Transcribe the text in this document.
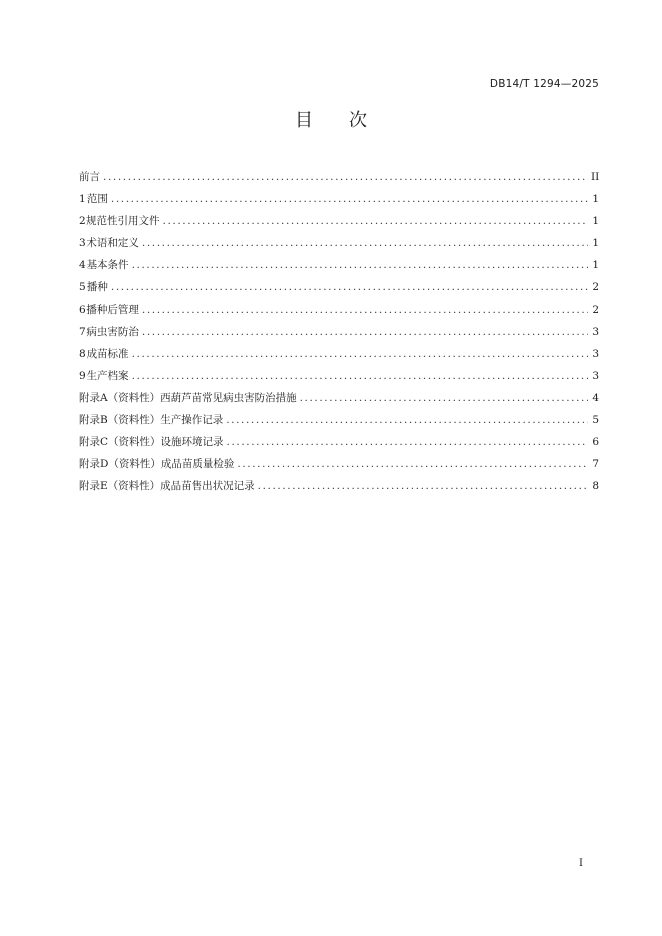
DB14/T 1294—2025
目　　次
前言 .....	II
1 范围 .....	1
2 规范性引用文件 .....	1
3 术语和定义 .....	1
4 基本条件 .....	1
5 播种 .....	2
6 播种后管理 .....	2
7 病虫害防治 .....	3
8 成苗标准 .....	3
9 生产档案 .....	3
附录A（资料性） 西葫芦苗常见病虫害防治措施 .....	4
附录B（资料性） 生产操作记录 .....	5
附录C（资料性） 设施环境记录 .....	6
附录D（资料性） 成品苗质量检验 .....	7
附录E（资料性） 成品苗售出状况记录 .....	8
I
